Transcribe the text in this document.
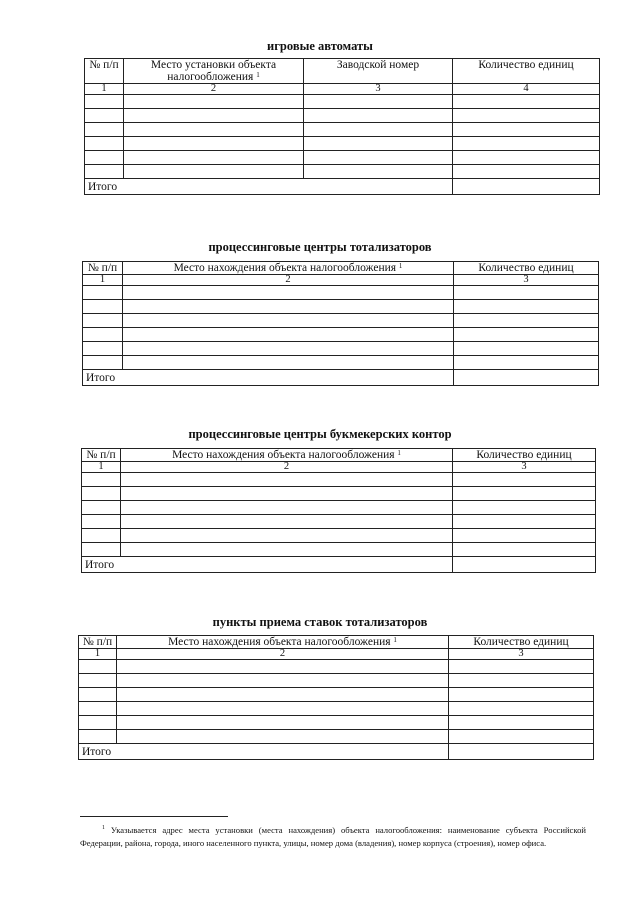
игровые автоматы
№ п/п	Место установки объекта налогообложения $^1$	Заводской номер	Количество единиц
1	2	3	4

Итого			
процессинговые центры тотализаторов
№ п/п	Место нахождения объекта налогообложения $^1$	Количество единиц
1	2	3

Итого		
процессинговые центры букмекерских контор
№ п/п	Место нахождения объекта налогообложения $^1$	Количество единиц
1	2	3

Итого		
пункты приема ставок тотализаторов
№ п/п	Место нахождения объекта налогообложения $^1$	Количество единиц
1	2	3

Итого		

$^1$ Указывается адрес места установки (места нахождения) объекта налогообложения: наименование субъекта Российской Федерации, района, города, иного населенного пункта, улицы, номер дома (владения), номер корпуса (строения), номер офиса.
